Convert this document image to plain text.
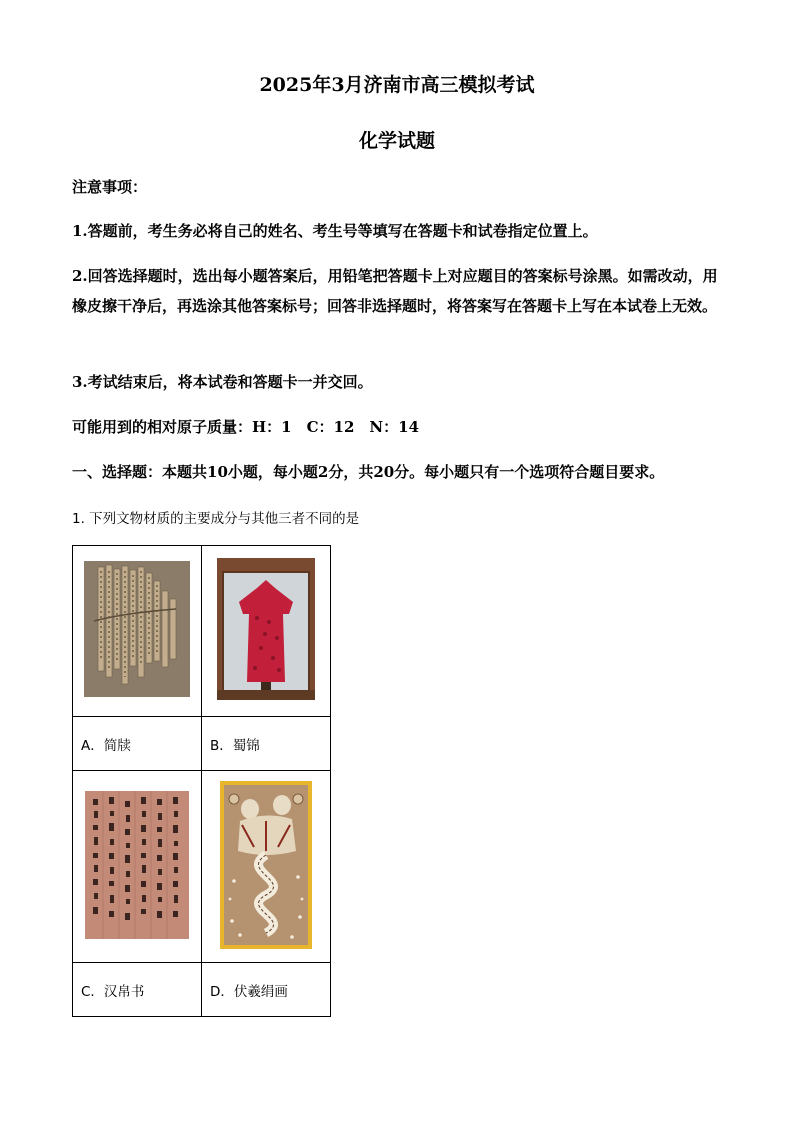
2025年3月济南市高三模拟考试
化学试题
注意事项：
1.答题前，考生务必将自己的姓名、考生号等填写在答题卡和试卷指定位置上。
2.回答选择题时，选出每小题答案后，用铅笔把答题卡上对应题目的答案标号涂黑。如需改动，用橡皮擦干净后，再选涂其他答案标号；回答非选择题时，将答案写在答题卡上写在本试卷上无效。
3.考试结束后，将本试卷和答题卡一并交回。
可能用到的相对原子质量：H：1　C：12　N：14
一、选择题：本题共10小题，每小题2分，共20分。每小题只有一个选项符合题目要求。
1. 下列文物材质的主要成分与其他三者不同的是

A．简牍	B．蜀锦

C．汉帛书	D．伏羲绢画
